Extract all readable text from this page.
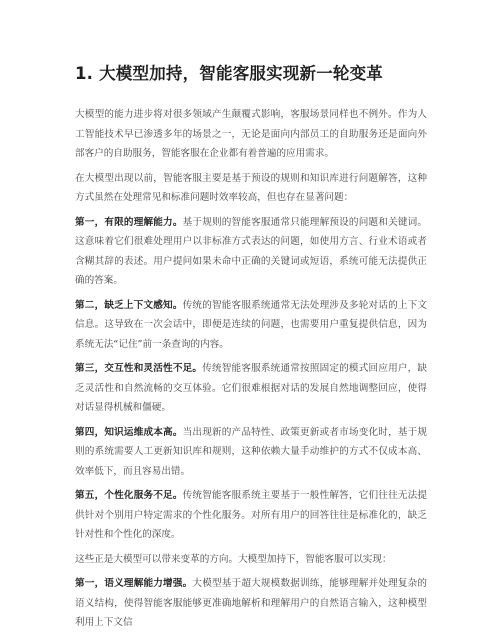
1. 大模型加持，智能客服实现新一轮变革

大模型的能力进步将对很多领域产生颠覆式影响，客服场景同样也不例外。作为人工智能技术早已渗透多年的场景之一，无论是面向内部员工的自助服务还是面向外部客户的自助服务，智能客服在企业都有着普遍的应用需求。

在大模型出现以前，智能客服主要是基于预设的规则和知识库进行问题解答，这种方式虽然在处理常见和标准问题时效率较高，但也存在显著问题：

第一，有限的理解能力。基于规则的智能客服通常只能理解预设的问题和关键词。这意味着它们很难处理用户以非标准方式表达的问题，如使用方言、行业术语或者含糊其辞的表述。用户提问如果未命中正确的关键词或短语，系统可能无法提供正确的答案。

第二，缺乏上下文感知。传统的智能客服系统通常无法处理涉及多轮对话的上下文信息。这导致在一次会话中，即便是连续的问题，也需要用户重复提供信息，因为系统无法“记住”前一条查询的内容。

第三，交互性和灵活性不足。传统智能客服系统通常按照固定的模式回应用户，缺乏灵活性和自然流畅的交互体验。它们很难根据对话的发展自然地调整回应，使得对话显得机械和僵硬。

第四，知识运维成本高。当出现新的产品特性、政策更新或者市场变化时，基于规则的系统需要人工更新知识库和规则，这种依赖大量手动维护的方式不仅成本高、效率低下，而且容易出错。

第五，个性化服务不足。传统智能客服系统主要基于一般性解答，它们往往无法提供针对个别用户特定需求的个性化服务。对所有用户的回答往往是标准化的，缺乏针对性和个性化的深度。

这些正是大模型可以带来变革的方向。大模型加持下，智能客服可以实现：

第一，语义理解能力增强。大模型基于超大规模数据训练，能够理解并处理复杂的语义结构，使得智能客服能够更准确地解析和理解用户的自然语言输入，这种模型利用上下文信
